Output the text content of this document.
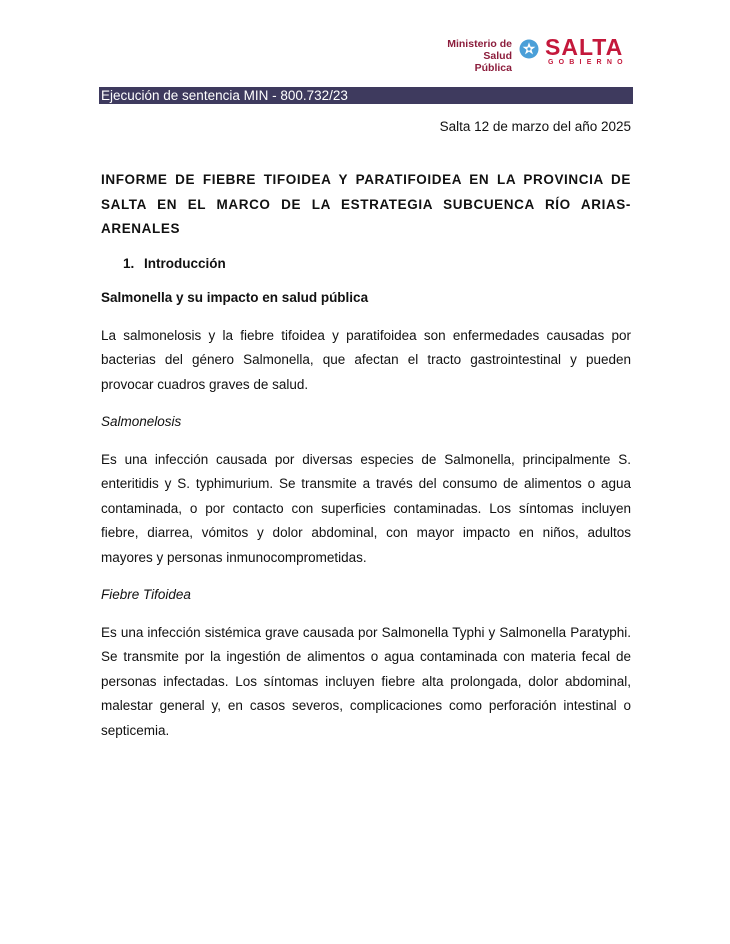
Ministerio de
Salud Pública
SALTA
GOBIERNO
Ejecución de sentencia MIN - 800.732/23
Salta 12 de marzo del año 2025

INFORME DE FIEBRE TIFOIDEA Y PARATIFOIDEA EN LA PROVINCIA DE SALTA EN EL MARCO DE LA ESTRATEGIA SUBCUENCA RÍO ARIAS-ARENALES

1. Introducción

Salmonella y su impacto en salud pública

La salmonelosis y la fiebre tifoidea y paratifoidea son enfermedades causadas por bacterias del género Salmonella, que afectan el tracto gastrointestinal y pueden provocar cuadros graves de salud.

Salmonelosis

Es una infección causada por diversas especies de Salmonella, principalmente S. enteritidis y S. typhimurium. Se transmite a través del consumo de alimentos o agua contaminada, o por contacto con superficies contaminadas. Los síntomas incluyen fiebre, diarrea, vómitos y dolor abdominal, con mayor impacto en niños, adultos mayores y personas inmunocomprometidas.

Fiebre Tifoidea

Es una infección sistémica grave causada por Salmonella Typhi y Salmonella Paratyphi. Se transmite por la ingestión de alimentos o agua contaminada con materia fecal de personas infectadas. Los síntomas incluyen fiebre alta prolongada, dolor abdominal, malestar general y, en casos severos, complicaciones como perforación intestinal o septicemia.
